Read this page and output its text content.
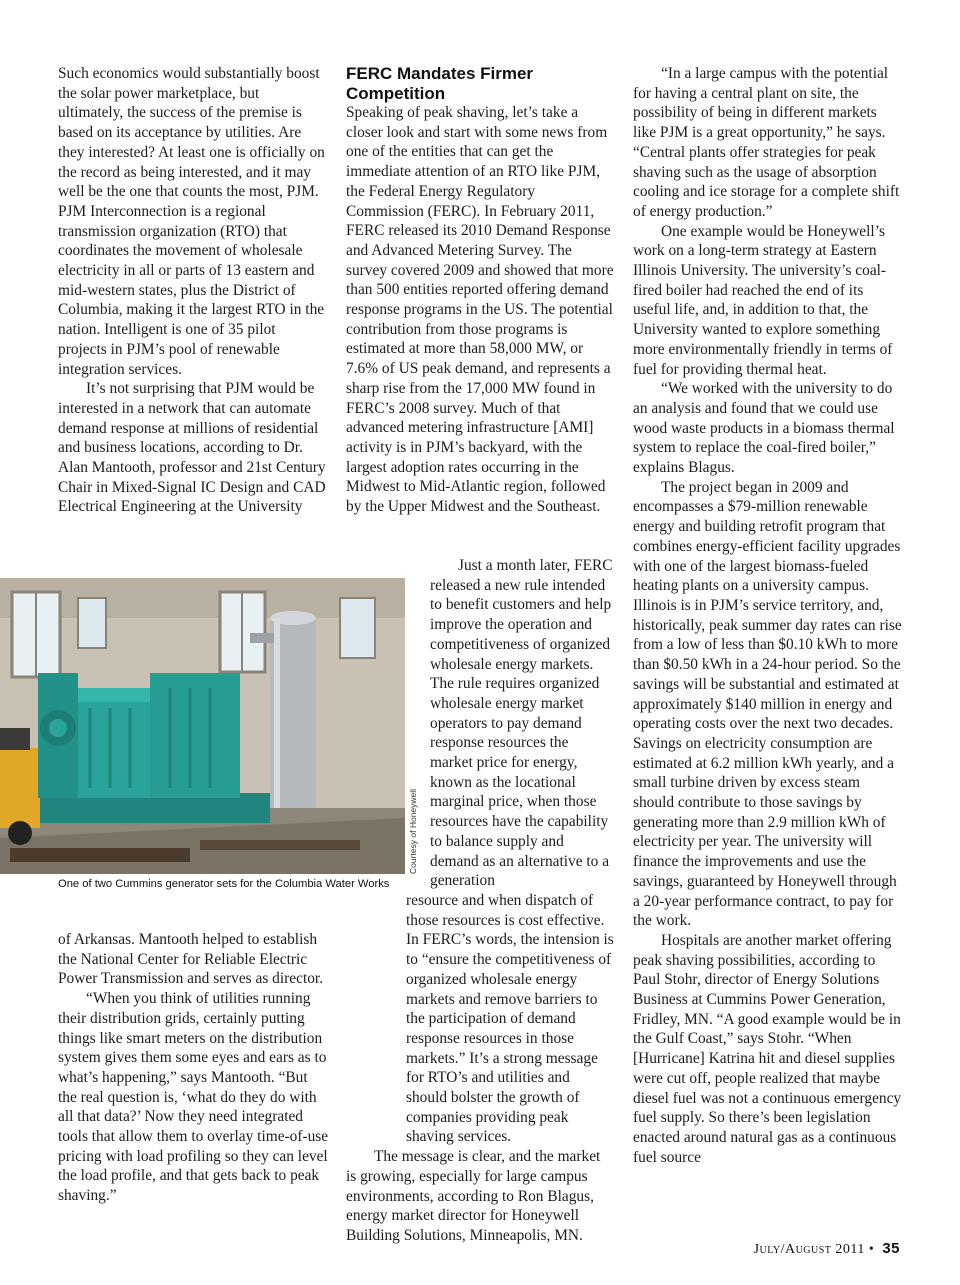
Such economics would substantially boost the solar power marketplace, but ultimately, the success of the premise is based on its acceptance by utilities. Are they interested? At least one is officially on the record as being interested, and it may well be the one that counts the most, PJM. PJM Interconnection is a regional transmission organization (RTO) that coordinates the movement of wholesale electricity in all or parts of 13 eastern and mid-western states, plus the District of Columbia, making it the largest RTO in the nation. Intelligent is one of 35 pilot projects in PJM’s pool of renewable integration services.

It’s not surprising that PJM would be interested in a network that can automate demand response at millions of residential and business locations, according to Dr. Alan Mantooth, professor and 21st Century Chair in Mixed-Signal IC Design and CAD Electrical Engineering at the University

of Arkansas. Mantooth helped to establish the National Center for Reliable Electric Power Transmission and serves as director.

“When you think of utilities running their distribution grids, certainly putting things like smart meters on the distribution system gives them some eyes and ears as to what’s happening,” says Mantooth. “But the real question is, ‘what do they do with all that data?’ Now they need integrated tools that allow them to overlay time-of-use pricing with load profiling so they can level the load profile, and that gets back to peak shaving.”

FERC Mandates Firmer Competition

Speaking of peak shaving, let’s take a closer look and start with some news from one of the entities that can get the immediate attention of an RTO like PJM, the Federal Energy Regulatory Commission (FERC). In February 2011, FERC released its 2010 Demand Response and Advanced Metering Survey. The survey covered 2009 and showed that more than 500 entities reported offering demand response programs in the US. The potential contribution from those programs is estimated at more than 58,000 MW, or 7.6% of US peak demand, and represents a sharp rise from the 17,000 MW found in FERC’s 2008 survey. Much of that advanced metering infrastructure [AMI] activity is in PJM’s backyard, with the largest adoption rates occurring in the Midwest to Mid-Atlantic region, followed by the Upper Midwest and the Southeast.

Just a month later, FERC released a new rule intended to benefit customers and help improve the operation and competitiveness of organized wholesale energy markets. The rule requires organized wholesale energy market operators to pay demand response resources the market price for energy, known as the locational marginal price, when those resources have the capability to balance supply and demand as an alternative to a generation

resource and when dispatch of those resources is cost effective. In FERC’s words, the intension is to “ensure the competitiveness of organized wholesale energy markets and remove barriers to the participation of demand response resources in those markets.” It’s a strong message for RTO’s and utilities and should bolster the growth of companies providing peak shaving services.

The message is clear, and the market is growing, especially for large campus environments, according to Ron Blagus, energy market director for Honeywell Building Solutions, Minneapolis, MN.

“In a large campus with the potential for having a central plant on site, the possibility of being in different markets like PJM is a great opportunity,” he says. “Central plants offer strategies for peak shaving such as the usage of absorption cooling and ice storage for a complete shift of energy production.”

One example would be Honeywell’s work on a long-term strategy at Eastern Illinois University. The university’s coal-fired boiler had reached the end of its useful life, and, in addition to that, the University wanted to explore something more environmentally friendly in terms of fuel for providing thermal heat.

“We worked with the university to do an analysis and found that we could use wood waste products in a biomass thermal system to replace the coal-fired boiler,” explains Blagus.

The project began in 2009 and encompasses a $79-million renewable energy and building retrofit program that combines energy-efficient facility upgrades with one of the largest biomass-fueled heating plants on a university campus. Illinois is in PJM’s service territory, and, historically, peak summer day rates can rise from a low of less than $0.10 kWh to more than $0.50 kWh in a 24-hour period. So the savings will be substantial and estimated at approximately $140 million in energy and operating costs over the next two decades. Savings on electricity consumption are estimated at 6.2 million kWh yearly, and a small turbine driven by excess steam should contribute to those savings by generating more than 2.9 million kWh of electricity per year. The university will finance the improvements and use the savings, guaranteed by Honeywell through a 20-year performance contract, to pay for the work.

Hospitals are another market offering peak shaving possibilities, according to Paul Stohr, director of Energy Solutions Business at Cummins Power Generation, Fridley, MN. “A good example would be in the Gulf Coast,” says Stohr. “When [Hurricane] Katrina hit and diesel supplies were cut off, people realized that maybe diesel fuel was not a continuous emergency fuel supply. So there’s been legislation enacted around natural gas as a continuous fuel source

Courtesy of Honeywell
One of two Cummins generator sets for the Columbia Water Works
July/August 2011 • 35
